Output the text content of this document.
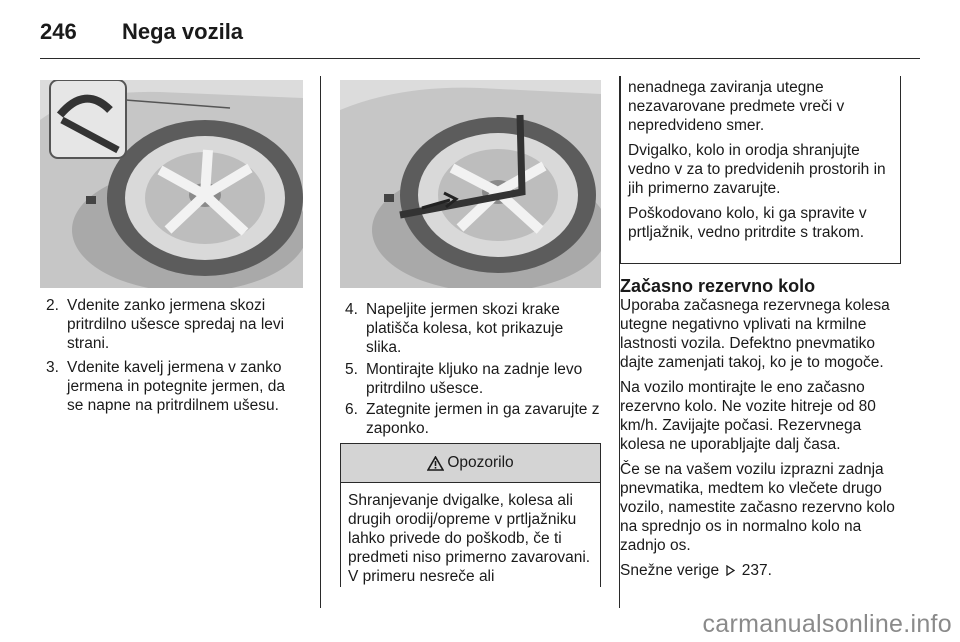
246	Nega vozila
2. Vdenite zanko jermena skozi pritrdilno ušesce spredaj na levi strani.
3. Vdenite kavelj jermena v zanko jermena in potegnite jermen, da se napne na pritrdilnem ušesu.
4. Napeljite jermen skozi krake platišča kolesa, kot prikazuje slika.
5. Montirajte kljuko na zadnje levo pritrdilno ušesce.
6. Zategnite jermen in ga zavarujte z zaponko.
Opozorilo
Shranjevanje dvigalke, kolesa ali drugih orodij/opreme v prtljažniku lahko privede do poškodb, če ti predmeti niso primerno zavarovani. V primeru nesreče ali

nenadnega zaviranja utegne nezavarovane predmete vreči v nepredvideno smer.

Dvigalko, kolo in orodja shranjujte vedno v za to predvidenih prostorih in jih primerno zavarujte.

Poškodovano kolo, ki ga spravite v prtljažnik, vedno pritrdite s trakom.

Začasno rezervno kolo

Uporaba začasnega rezervnega kolesa utegne negativno vplivati na krmilne lastnosti vozila. Defektno pnevmatiko dajte zamenjati takoj, ko je to mogoče.

Na vozilo montirajte le eno začasno rezervno kolo. Ne vozite hitreje od 80 km/h. Zavijajte počasi. Rezervnega kolesa ne uporabljajte dalj časa.

Če se na vašem vozilu izprazni zadnja pnevmatika, medtem ko vlečete drugo vozilo, namestite začasno rezervno kolo na sprednjo os in normalno kolo na zadnjo os.

Snežne verige 237.

carmanualsonline.info
